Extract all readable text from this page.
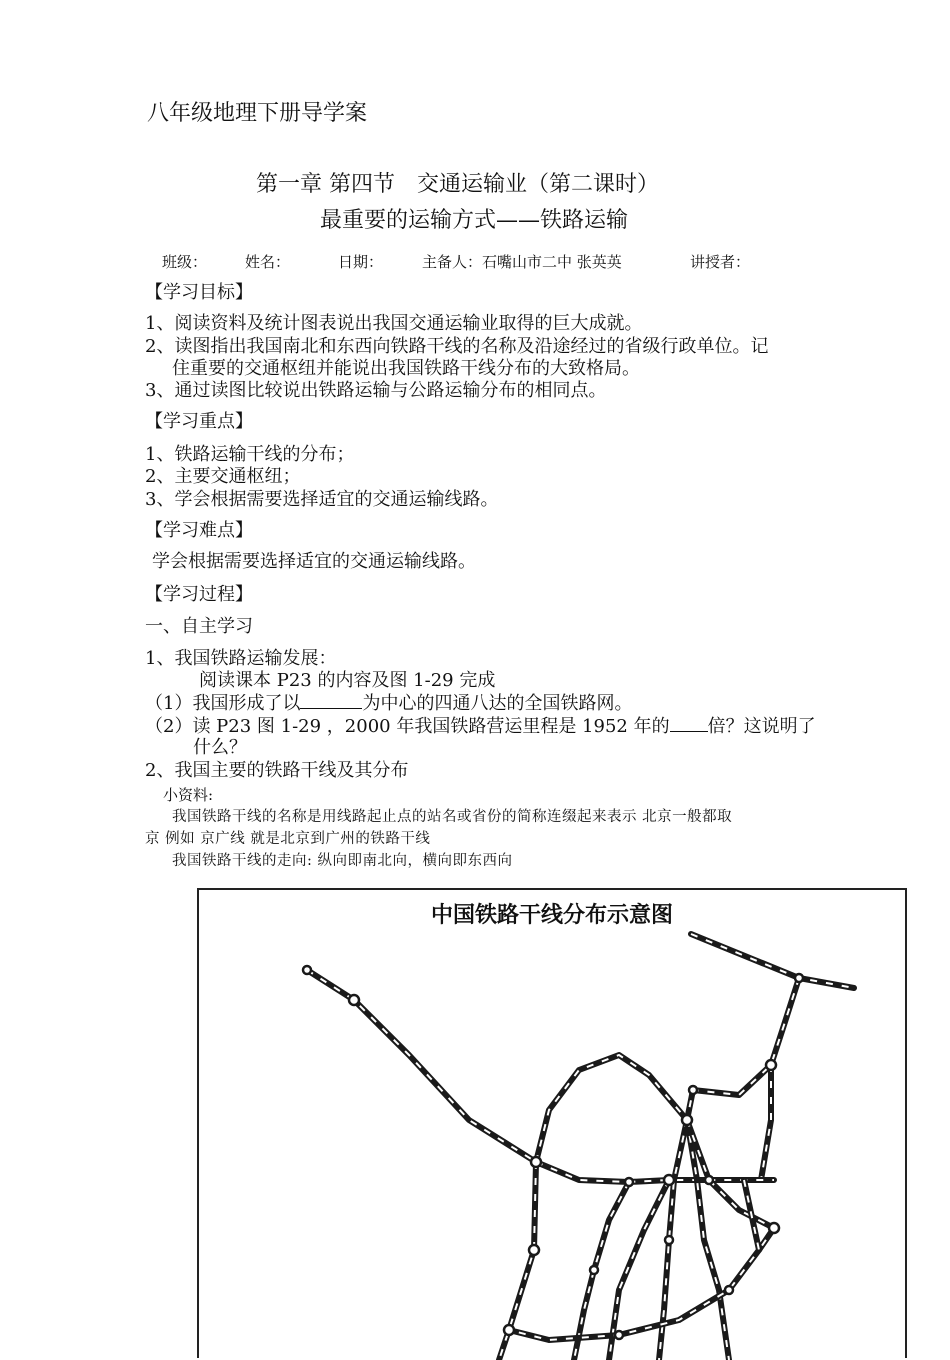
八年级地理下册导学案
第一章 第四节　交通运输业（第二课时）
最重要的运输方式——铁路运输
班级：	姓名：	日期：	主备人：石嘴山市二中 张英英	讲授者：
【学习目标】
1、阅读资料及统计图表说出我国交通运输业取得的巨大成就。
2、读图指出我国南北和东西向铁路干线的名称及沿途经过的省级行政单位。记
住重要的交通枢纽并能说出我国铁路干线分布的大致格局。
3、通过读图比较说出铁路运输与公路运输分布的相同点。
【学习重点】
1、铁路运输干线的分布；
2、主要交通枢纽；
3、学会根据需要选择适宜的交通运输线路。
【学习难点】
学会根据需要选择适宜的交通运输线路。
【学习过程】
一、自主学习
1、我国铁路运输发展：
阅读课本 P23 的内容及图 1-29 完成
（1）我国形成了以	为中心的四通八达的全国铁路网。
（2）读 P23 图 1-29 ，2000 年我国铁路营运里程是 1952 年的 倍？这说明了
什么？
2、我国主要的铁路干线及其分布
小资料:
我国铁路干线的名称是用线路起止点的站名或省份的简称连缀起来表示 北京一般都取
京 例如 京广线 就是北京到广州的铁路干线
我国铁路干线的走向: 纵向即南北向，横向即东西向
中国铁路干线分布示意图
